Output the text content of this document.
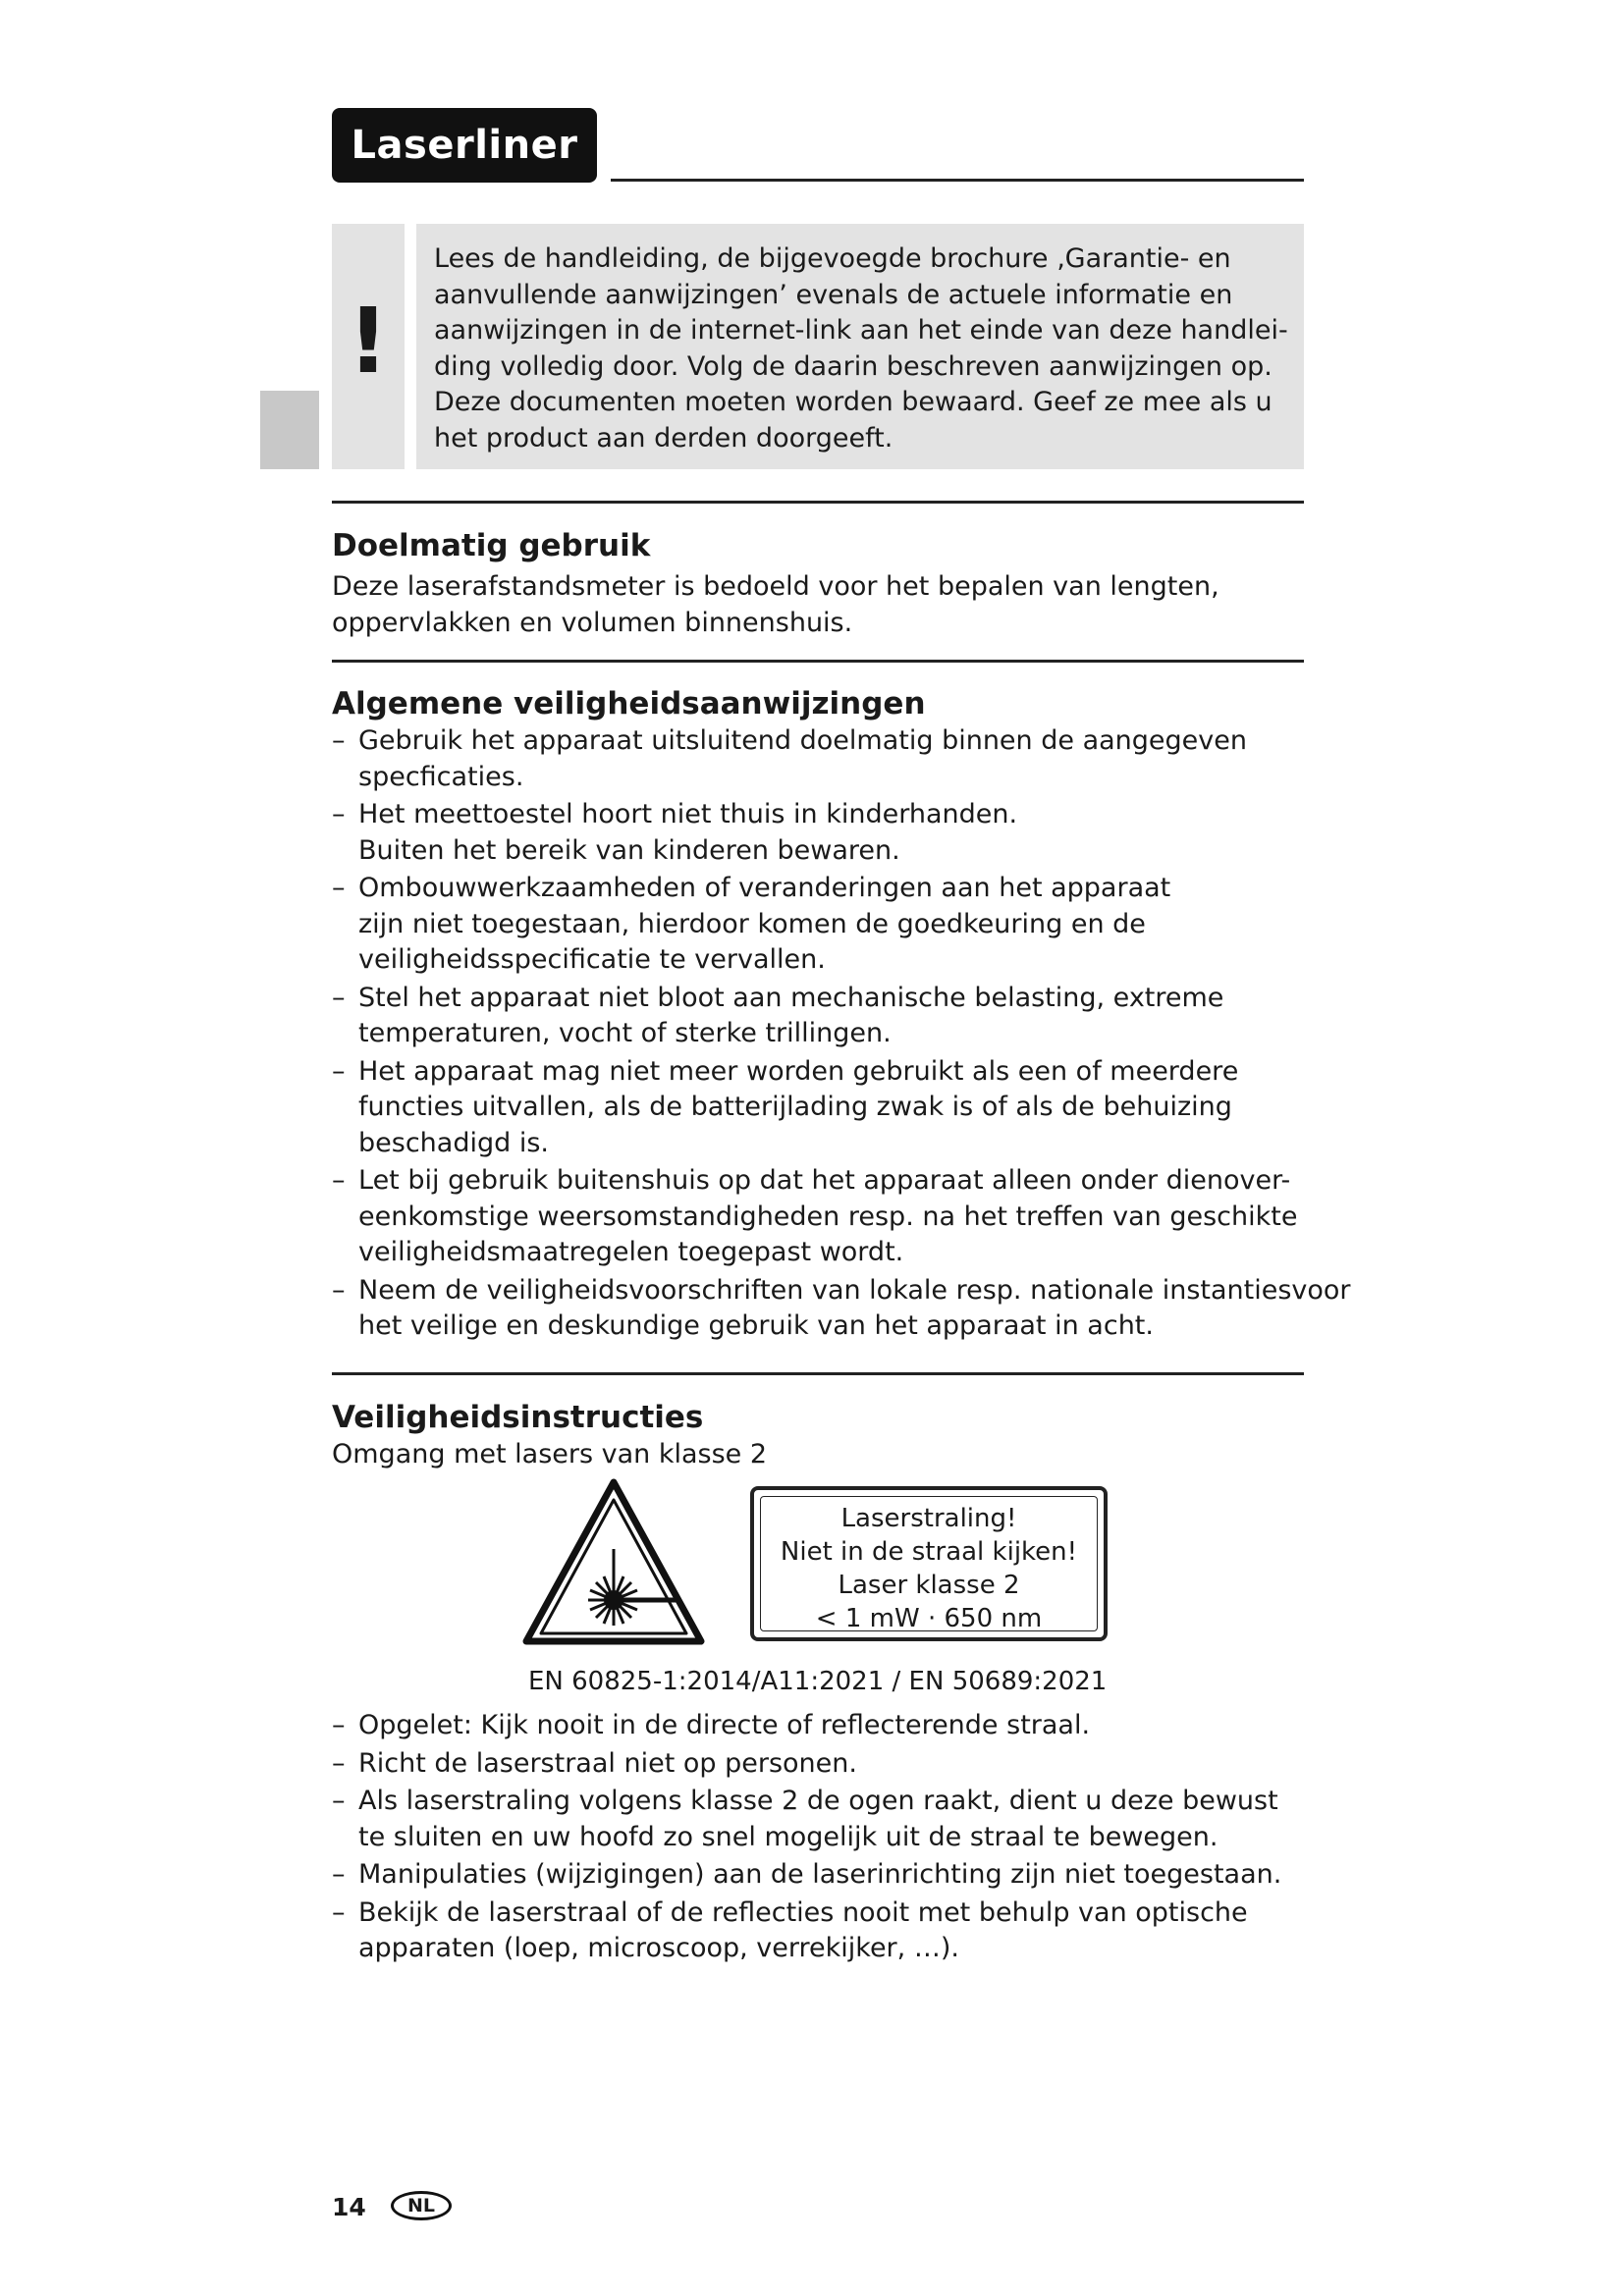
Laserliner
!

Lees de handleiding, de bijgevoegde brochure ‚Garantie- en
aanvullende aanwijzingen’ evenals de actuele informatie en
aanwijzingen in de internet-link aan het einde van deze handlei-
ding volledig door. Volg de daarin beschreven aanwijzingen op.
Deze documenten moeten worden bewaard. Geef ze mee als u
het product aan derden doorgeeft.

Doelmatig gebruik

Deze laserafstandsmeter is bedoeld voor het bepalen van lengten,
oppervlakken en volumen binnenshuis.

Algemene veiligheidsaanwijzingen
– Gebruik het apparaat uitsluitend doelmatig binnen de aangegeven
specficaties.
– Het meettoestel hoort niet thuis in kinderhanden.
Buiten het bereik van kinderen bewaren.
– Ombouwwerkzaamheden of veranderingen aan het apparaat
zijn niet toegestaan, hierdoor komen de goedkeuring en de
veiligheidsspecificatie te vervallen.
– Stel het apparaat niet bloot aan mechanische belasting, extreme
temperaturen, vocht of sterke trillingen.
– Het apparaat mag niet meer worden gebruikt als een of meerdere
functies uitvallen, als de batterijlading zwak is of als de behuizing
beschadigd is.
– Let bij gebruik buitenshuis op dat het apparaat alleen onder dienover-
eenkomstige weersomstandigheden resp. na het treffen van geschikte
veiligheidsmaatregelen toegepast wordt.
– Neem de veiligheidsvoorschriften van lokale resp. nationale instantiesvoor
het veilige en deskundige gebruik van het apparaat in acht.
Veiligheidsinstructies

Omgang met lasers van klasse 2

Laserstraling!
Niet in de straal kijken!
Laser klasse 2
< 1 mW · 650 nm
EN 60825-1:2014/A11:2021 / EN 50689:2021
– Opgelet: Kijk nooit in de directe of reflecterende straal.
– Richt de laserstraal niet op personen.
– Als laserstraling volgens klasse 2 de ogen raakt, dient u deze bewust
te sluiten en uw hoofd zo snel mogelijk uit de straal te bewegen.
– Manipulaties (wijzigingen) aan de laserinrichting zijn niet toegestaan.
– Bekijk de laserstraal of de reflecties nooit met behulp van optische
apparaten (loep, microscoop, verrekijker, …).
14	NL
